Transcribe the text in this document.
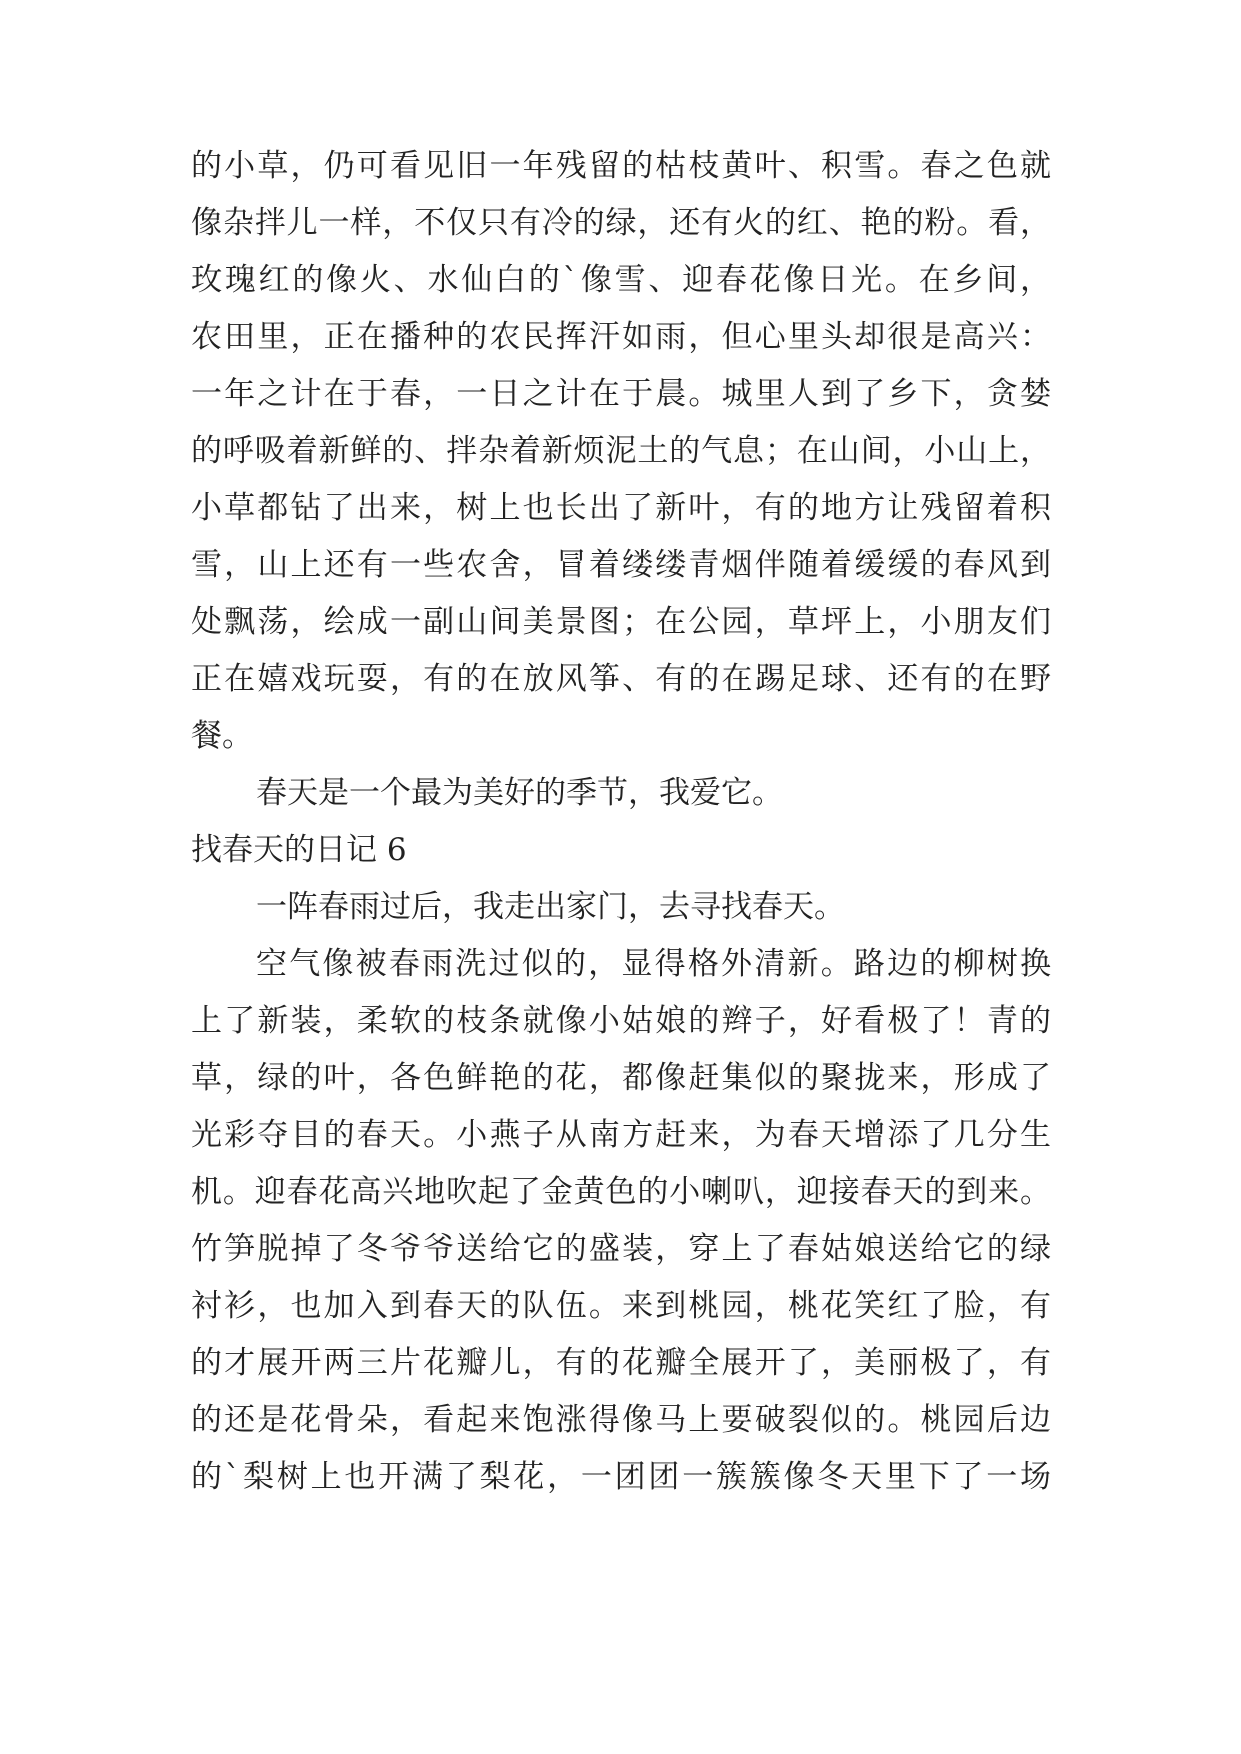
的小草，仍可看见旧一年残留的枯枝黄叶、积雪。春之色就
像杂拌儿一样，不仅只有冷的绿，还有火的红、艳的粉。看，
玫瑰红的像火、水仙白的`像雪、迎春花像日光。在乡间，
农田里，正在播种的农民挥汗如雨，但心里头却很是高兴：
一年之计在于春，一日之计在于晨。城里人到了乡下，贪婪
的呼吸着新鲜的、拌杂着新烦泥土的气息；在山间，小山上，
小草都钻了出来，树上也长出了新叶，有的地方让残留着积
雪，山上还有一些农舍，冒着缕缕青烟伴随着缓缓的春风到
处飘荡，绘成一副山间美景图；在公园，草坪上，小朋友们
正在嬉戏玩耍，有的在放风筝、有的在踢足球、还有的在野
餐。
春天是一个最为美好的季节，我爱它。
找春天的日记 6
一阵春雨过后，我走出家门，去寻找春天。
空气像被春雨洗过似的，显得格外清新。路边的柳树换
上了新装，柔软的枝条就像小姑娘的辫子，好看极了！青的
草，绿的叶，各色鲜艳的花，都像赶集似的聚拢来，形成了
光彩夺目的春天。小燕子从南方赶来，为春天增添了几分生
机。迎春花高兴地吹起了金黄色的小喇叭，迎接春天的到来。
竹笋脱掉了冬爷爷送给它的盛装，穿上了春姑娘送给它的绿
衬衫，也加入到春天的队伍。来到桃园，桃花笑红了脸，有
的才展开两三片花瓣儿，有的花瓣全展开了，美丽极了，有
的还是花骨朵，看起来饱涨得像马上要破裂似的。桃园后边
的`梨树上也开满了梨花，一团团一簇簇像冬天里下了一场
